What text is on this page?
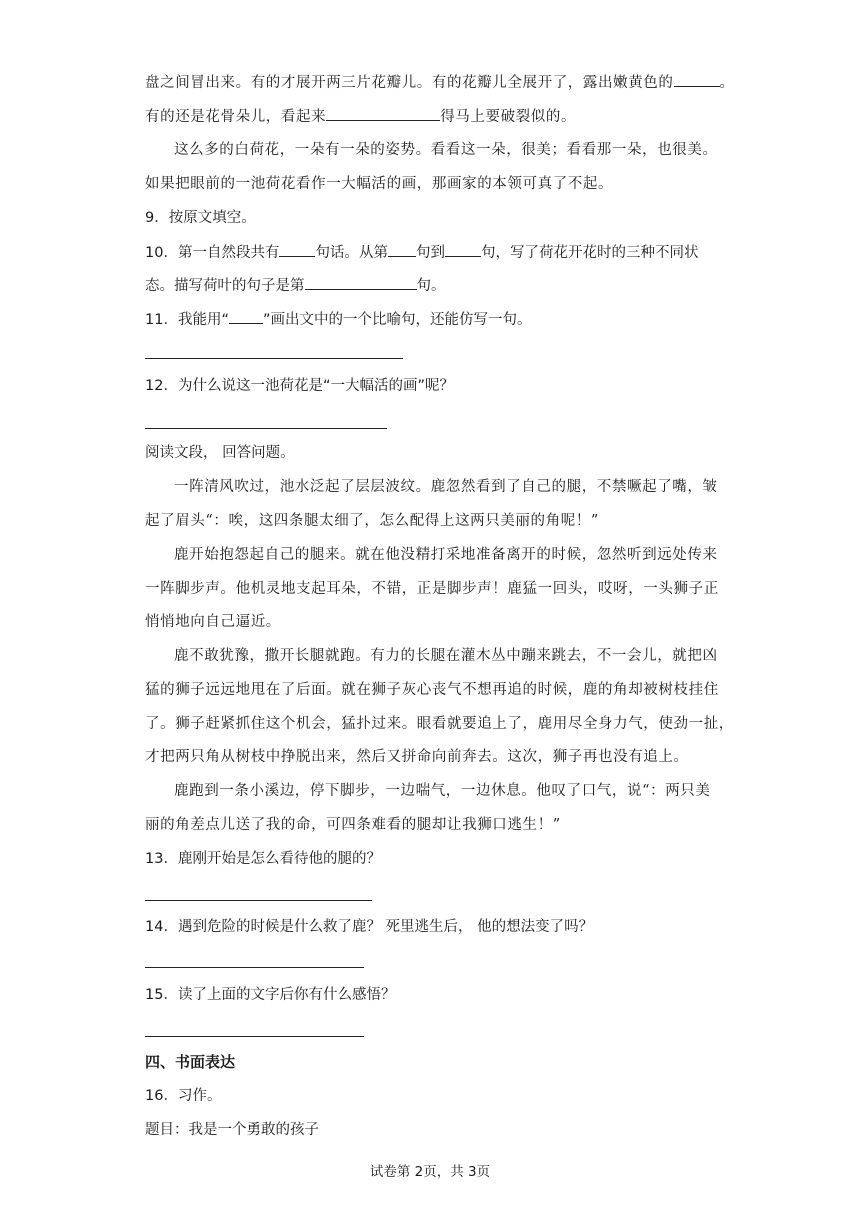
盘之间冒出来。有的才展开两三片花瓣儿。有的花瓣儿全展开了，露出嫩黄色的	。
有的还是花骨朵儿，看起来	得马上要破裂似的。
这么多的白荷花，一朵有一朵的姿势。看看这一朵，很美；看看那一朵，也很美。
如果把眼前的一池荷花看作一大幅活的画，那画家的本领可真了不起。
9．按原文填空。
10．第一自然段共有 句话。从第 句到 句，写了荷花开花时的三种不同状
态。描写荷叶的句子是第	句。
11．我能用“ ”画出文中的一个比喻句，还能仿写一句。
12．为什么说这一池荷花是“一大幅活的画”呢？
阅读文段， 回答问题。
一阵清风吹过，池水泛起了层层波纹。鹿忽然看到了自己的腿，不禁噘起了嘴，皱
起了眉头“：唉，这四条腿太细了，怎么配得上这两只美丽的角呢！”
鹿开始抱怨起自己的腿来。就在他没精打采地准备离开的时候，忽然听到远处传来
一阵脚步声。他机灵地支起耳朵，不错，正是脚步声！鹿猛一回头，哎呀，一头狮子正
悄悄地向自己逼近。
鹿不敢犹豫，撒开长腿就跑。有力的长腿在灌木丛中蹦来跳去，不一会儿，就把凶
猛的狮子远远地甩在了后面。就在狮子灰心丧气不想再追的时候，鹿的角却被树枝挂住
了。狮子赶紧抓住这个机会，猛扑过来。眼看就要追上了，鹿用尽全身力气，使劲一扯，
才把两只角从树枝中挣脱出来，然后又拼命向前奔去。这次，狮子再也没有追上。
鹿跑到一条小溪边，停下脚步，一边喘气，一边休息。他叹了口气，说“：两只美
丽的角差点儿送了我的命，可四条难看的腿却让我狮口逃生！”
13．鹿刚开始是怎么看待他的腿的？
14．遇到危险的时候是什么救了鹿？ 死里逃生后， 他的想法变了吗？
15．读了上面的文字后你有什么感悟？
四、书面表达
16．习作。
题目：我是一个勇敢的孩子
试卷第 2页，共 3页
